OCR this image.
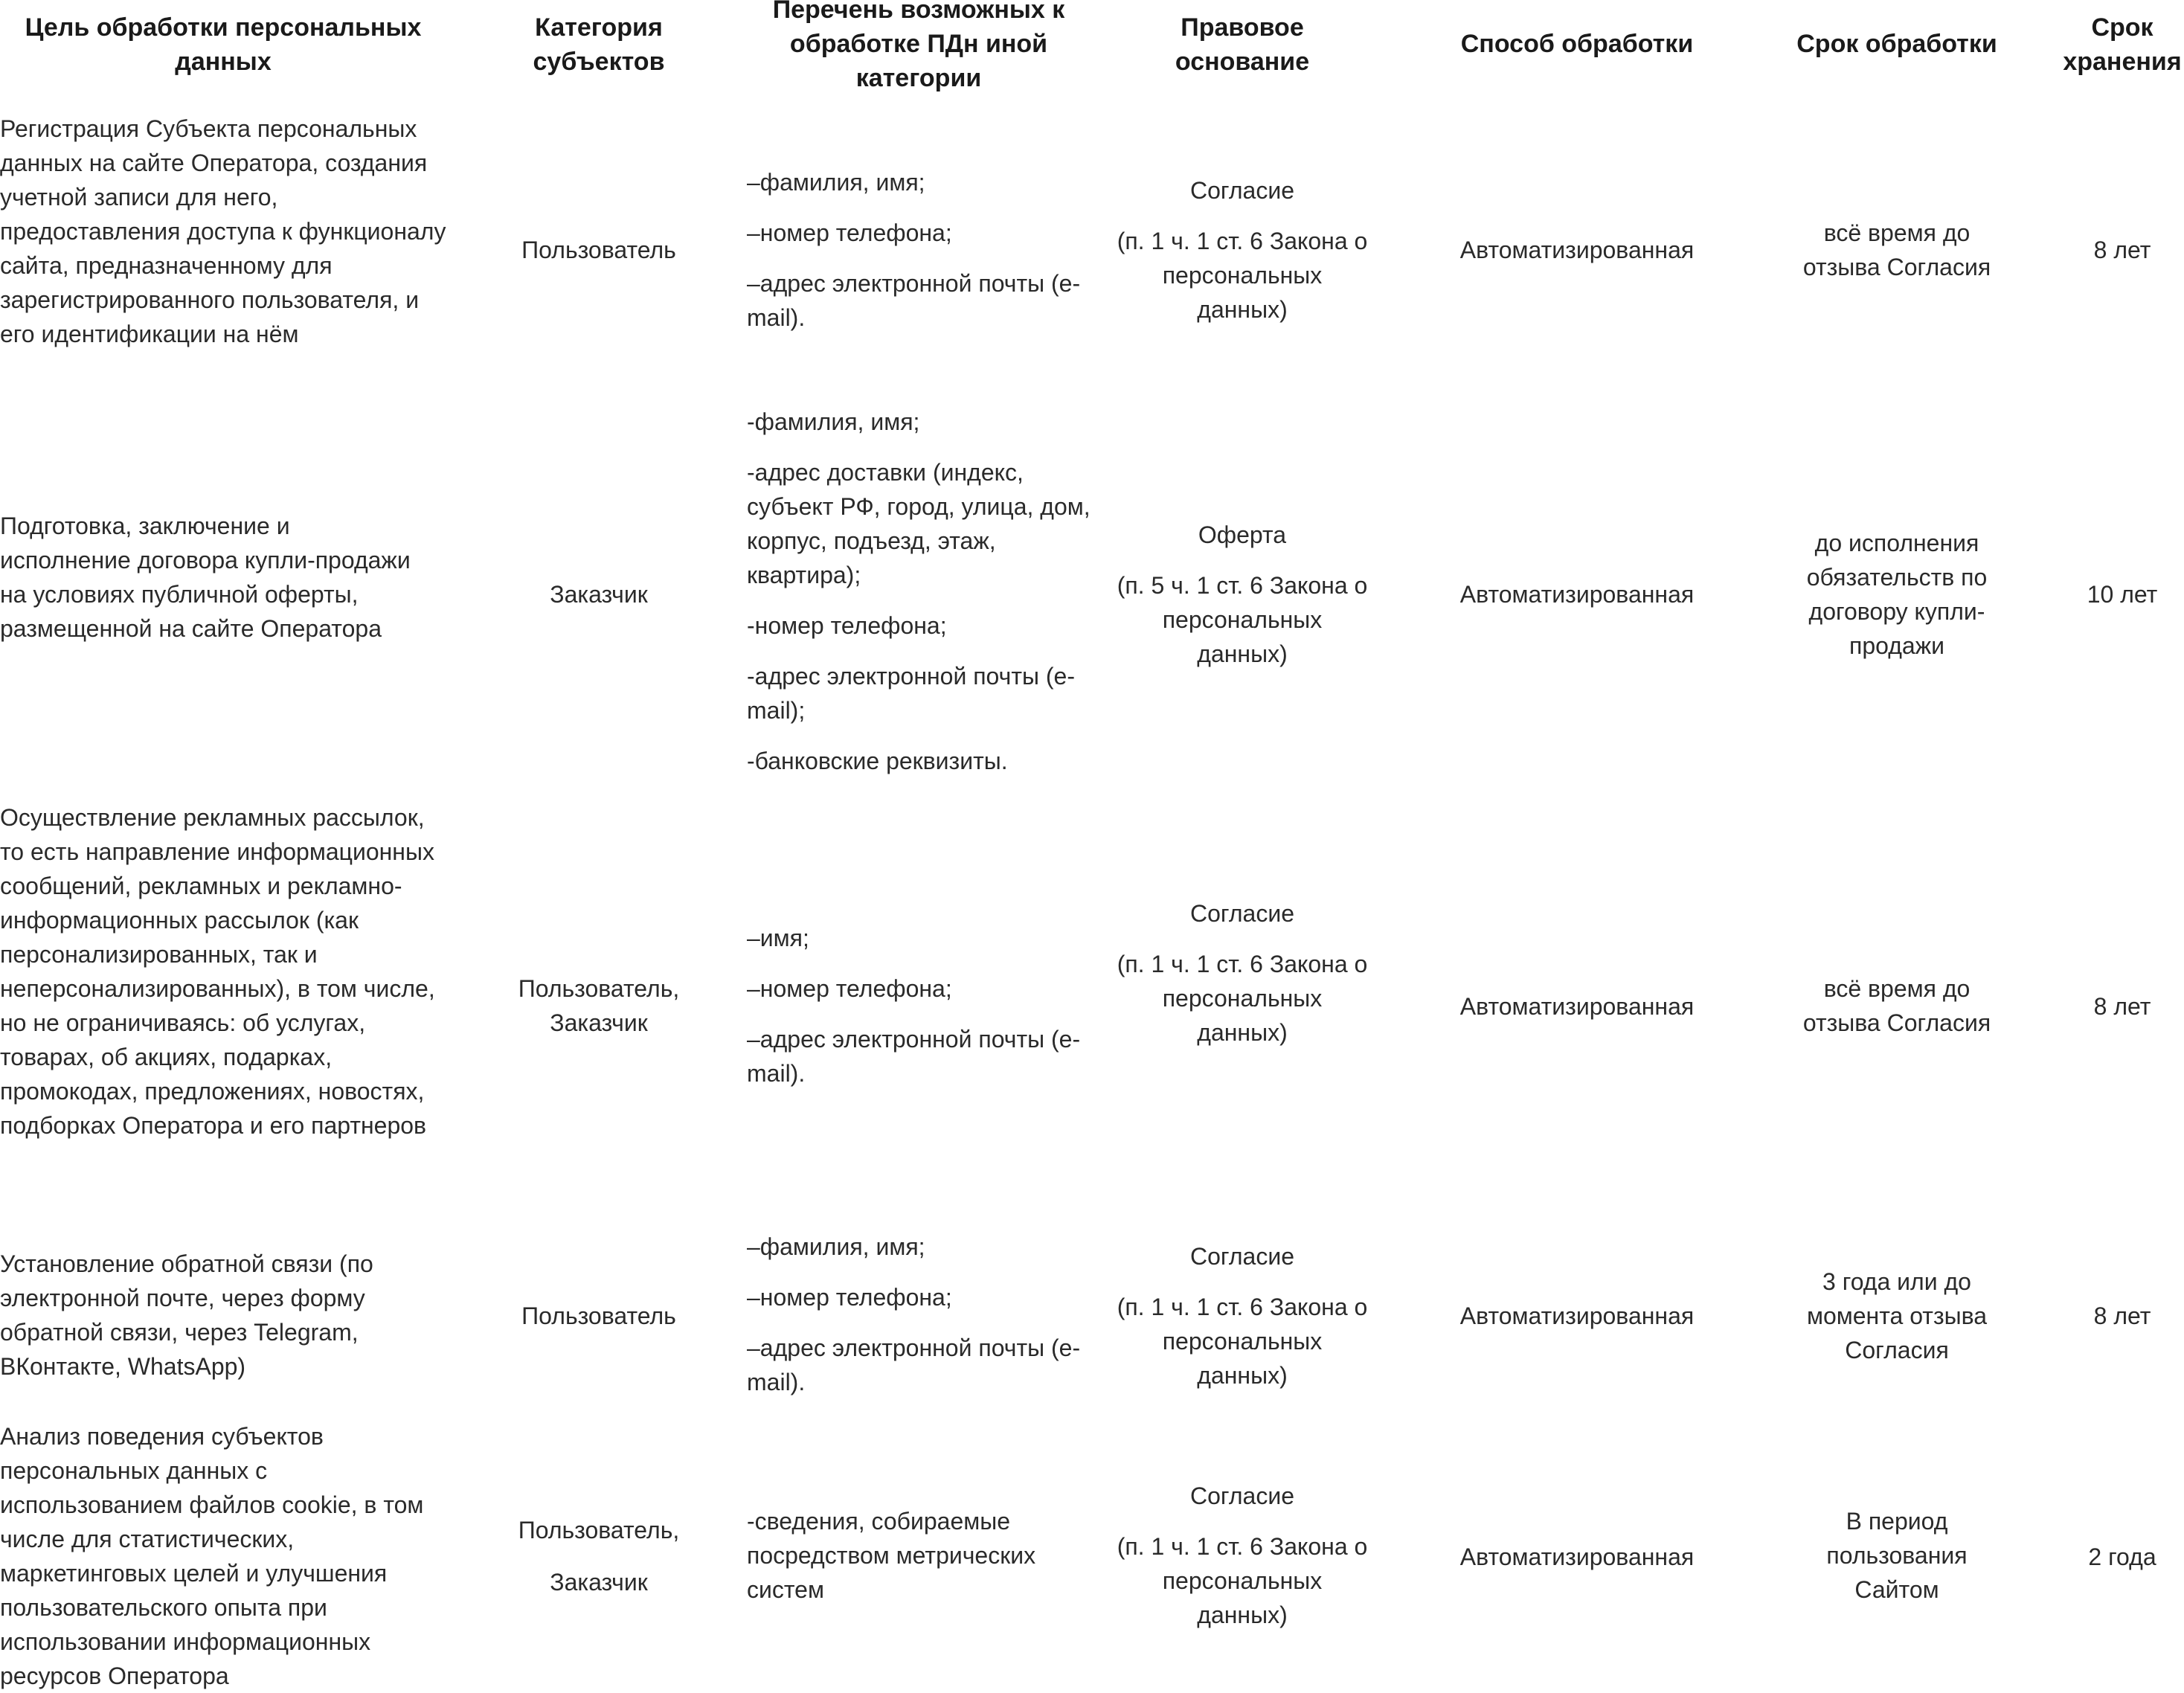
Цель обработки персональных данных
Категория субъектов
Перечень возможных к обработке ПДн иной категории
Правовое основание
Способ обработки	Срок обработки
Срок хранения
Регистрация Субъекта персональных данных на сайте Оператора, создания учетной записи для него, предоставления доступа к функционалу сайта, предназначенному для зарегистрированного пользователя, и его идентификации на нём
Пользователь
–фамилия, имя;
–номер телефона;
–адрес электронной почты (e-mail).
Согласие
(п. 1 ч. 1 ст. 6 Закона о персональных данных)
Автоматизированная
всё время до отзыва Согласия
8 лет
Подготовка, заключение и исполнение договора купли-продажи на условиях публичной оферты, размещенной на сайте Оператора
Заказчик
-фамилия, имя;
-адрес доставки (индекс, субъект РФ, город, улица, дом, корпус, подъезд, этаж, квартира);
-номер телефона;
-адрес электронной почты (e-mail);
-банковские реквизиты.
Оферта
(п. 5 ч. 1 ст. 6 Закона о персональных данных)
Автоматизированная
до исполнения обязательств по договору купли-продажи
10 лет
Осуществление рекламных рассылок, то есть направление информационных сообщений, рекламных и рекламно-информационных рассылок (как персонализированных, так и неперсонализированных), в том числе, но не ограничиваясь: об услугах, товарах, об акциях, подарках, промокодах, предложениях, новостях, подборках Оператора и его партнеров
Пользователь, Заказчик
–имя;
–номер телефона;
–адрес электронной почты (e-mail).
Согласие
(п. 1 ч. 1 ст. 6 Закона о персональных данных)
Автоматизированная
всё время до отзыва Согласия
8 лет
Установление обратной связи (по электронной почте, через форму обратной связи, через Telegram, ВКонтакте, WhatsApp)
Пользователь
–фамилия, имя;
–номер телефона;
–адрес электронной почты (e-mail).
Согласие
(п. 1 ч. 1 ст. 6 Закона о персональных данных)
Автоматизированная
3 года или до момента отзыва Согласия
8 лет
Анализ поведения субъектов персональных данных с использованием файлов cookie, в том числе для статистических, маркетинговых целей и улучшения пользовательского опыта при использовании информационных ресурсов Оператора
Пользователь,
Заказчик
-сведения, собираемые посредством метрических систем
Согласие
(п. 1 ч. 1 ст. 6 Закона о персональных данных)
Автоматизированная
В период пользования Сайтом
2 года
